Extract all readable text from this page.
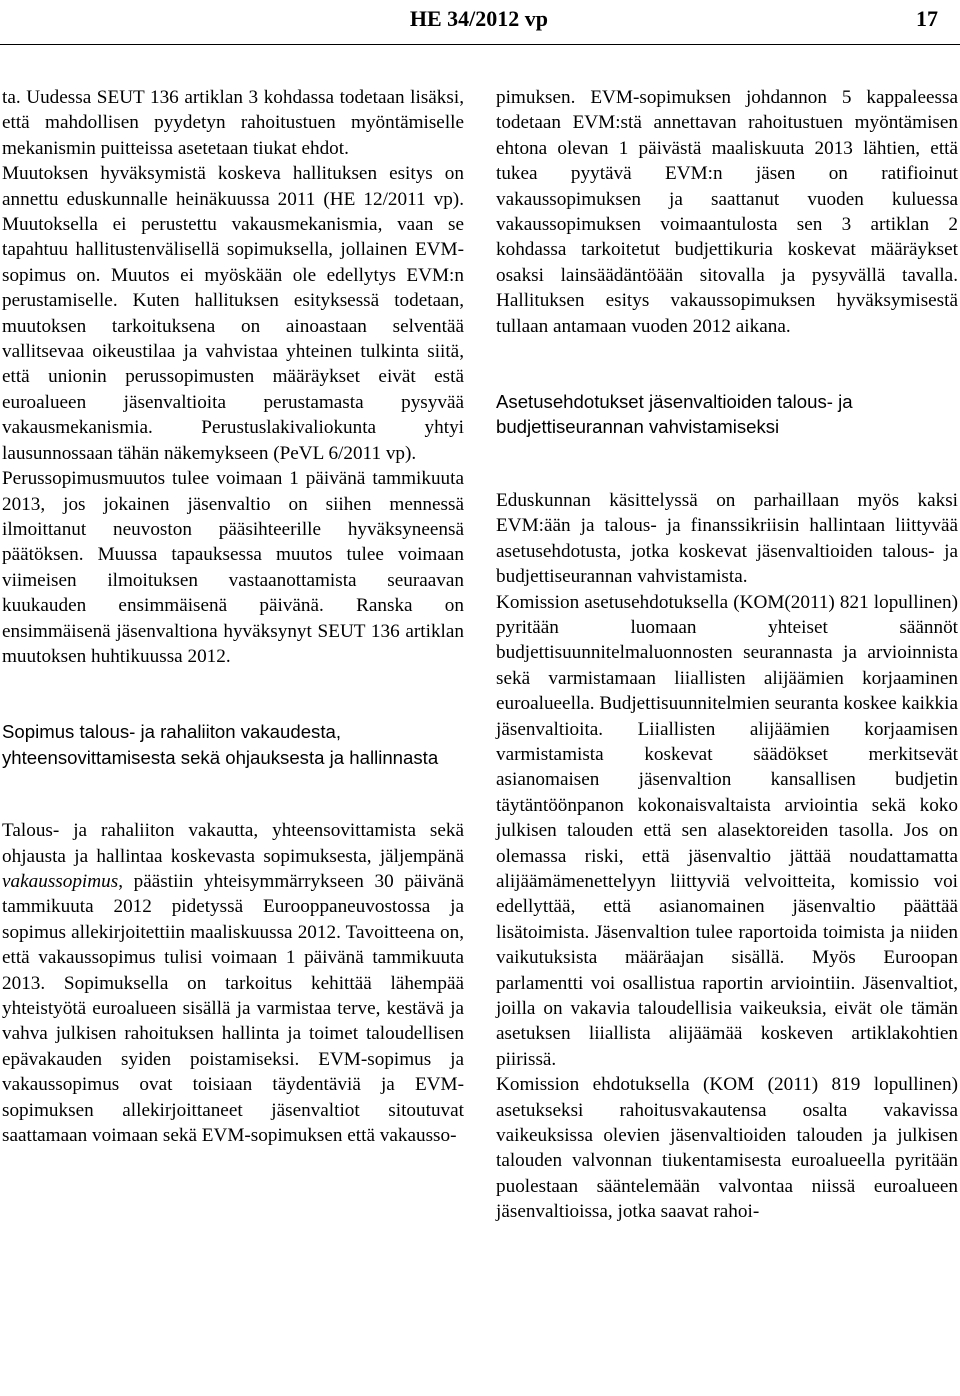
HE 34/2012 vp	17

ta. Uudessa SEUT 136 artiklan 3 kohdassa todetaan lisäksi, että mahdollisen pyydetyn rahoitustuen myöntämiselle mekanismin puitteissa asetetaan tiukat ehdot.

Muutoksen hyväksymistä koskeva hallituksen esitys on annettu eduskunnalle heinäkuussa 2011 (HE 12/2011 vp). Muutoksella ei perustettu vakausmekanismia, vaan se tapahtuu hallitustenvälisellä sopimuksella, jollainen EVM-sopimus on. Muutos ei myöskään ole edellytys EVM:n perustamiselle. Kuten hallituksen esityksessä todetaan, muutoksen tarkoituksena on ainoastaan selventää vallitsevaa oikeustilaa ja vahvistaa yhteinen tulkinta siitä, että unionin perussopimusten määräykset eivät estä euroalueen jäsenvaltioita perustamasta pysyvää vakausmekanismia. Perustuslakivaliokunta yhtyi lausunnossaan tähän näkemykseen (PeVL 6/2011 vp).

Perussopimusmuutos tulee voimaan 1 päivänä tammikuuta 2013, jos jokainen jäsenvaltio on siihen mennessä ilmoittanut neuvoston pääsihteerille hyväksyneensä päätöksen. Muussa tapauksessa muutos tulee voimaan viimeisen ilmoituksen vastaanottamista seuraavan kuukauden ensimmäisenä päivänä. Ranska on ensimmäisenä jäsenvaltiona hyväksynyt SEUT 136 artiklan muutoksen huhtikuussa 2012.

Sopimus talous- ja rahaliiton vakaudesta, yhteensovittamisesta sekä ohjauksesta ja hallinnasta

Talous- ja rahaliiton vakautta, yhteensovittamista sekä ohjausta ja hallintaa koskevasta sopimuksesta, jäljempänä vakaussopimus, päästiin yhteisymmärrykseen 30 päivänä tammikuuta 2012 pidetyssä Eurooppaneuvostossa ja sopimus allekirjoitettiin maaliskuussa 2012. Tavoitteena on, että vakaussopimus tulisi voimaan 1 päivänä tammikuuta 2013. Sopimuksella on tarkoitus kehittää lähempää yhteistyötä euroalueen sisällä ja varmistaa terve, kestävä ja vahva julkisen rahoituksen hallinta ja toimet taloudellisen epävakauden syiden poistamiseksi. EVM-sopimus ja vakaussopimus ovat toisiaan täydentäviä ja EVM-sopimuksen allekirjoittaneet jäsenvaltiot sitoutuvat saattamaan voimaan sekä EVM-sopimuksen että vakausso-

pimuksen. EVM-sopimuksen johdannon 5 kappaleessa todetaan EVM:stä annettavan rahoitustuen myöntämisen ehtona olevan 1 päivästä maaliskuuta 2013 lähtien, että tukea pyytävä EVM:n jäsen on ratifioinut vakaussopimuksen ja saattanut vuoden kuluessa vakaussopimuksen voimaantulosta sen 3 artiklan 2 kohdassa tarkoitetut budjettikuria koskevat määräykset osaksi lainsäädäntöään sitovalla ja pysyvällä tavalla. Hallituksen esitys vakaussopimuksen hyväksymisestä tullaan antamaan vuoden 2012 aikana.

Asetusehdotukset jäsenvaltioiden talous- ja budjettiseurannan vahvistamiseksi

Eduskunnan käsittelyssä on parhaillaan myös kaksi EVM:ään ja talous- ja finanssikriisin hallintaan liittyvää asetusehdotusta, jotka koskevat jäsenvaltioiden talous- ja budjettiseurannan vahvistamista.

Komission asetusehdotuksella (KOM(2011) 821 lopullinen) pyritään luomaan yhteiset säännöt budjettisuunnitelmaluonnosten seurannasta ja arvioinnista sekä varmistamaan liiallisten alijäämien korjaaminen euroalueella. Budjettisuunnitelmien seuranta koskee kaikkia jäsenvaltioita. Liiallisten alijäämien korjaamisen varmistamista koskevat säädökset merkitsevät asianomaisen jäsenvaltion kansallisen budjetin täytäntöönpanon kokonaisvaltaista arviointia sekä koko julkisen talouden että sen alasektoreiden tasolla. Jos on olemassa riski, että jäsenvaltio jättää noudattamatta alijäämämenettelyyn liittyviä velvoitteita, komissio voi edellyttää, että asianomainen jäsenvaltio päättää lisätoimista. Jäsenvaltion tulee raportoida toimista ja niiden vaikutuksista määräajan sisällä. Myös Euroopan parlamentti voi osallistua raportin arviointiin. Jäsenvaltiot, joilla on vakavia taloudellisia vaikeuksia, eivät ole tämän asetuksen liiallista alijäämää koskeven artiklakohtien piirissä.

Komission ehdotuksella (KOM (2011) 819 lopullinen) asetukseksi rahoitusvakautensa osalta vakavissa vaikeuksissa olevien jäsenvaltioiden talouden ja julkisen talouden valvonnan tiukentamisesta euroalueella pyritään puolestaan sääntelemään valvontaa niissä euroalueen jäsenvaltioissa, jotka saavat rahoi-
